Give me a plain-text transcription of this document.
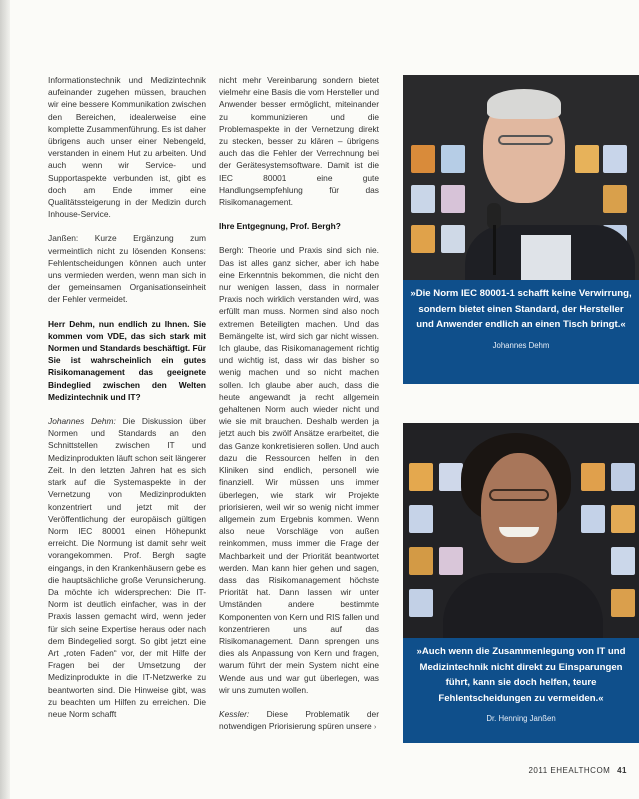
Informationstechnik und Medizintechnik aufeinander zugehen müssen, brauchen wir eine bessere Kommunikation zwischen den Bereichen, idealerweise eine komplette Zusammenführung. Es ist daher übrigens auch unser einer Nebengeld, verstanden in einem Hut zu arbeiten. Und auch wenn wir Service- und Supportaspekte verbunden ist, gibt es doch am Ende immer eine Qualitätssteigerung in der Medizin durch Inhouse-Service.

Janßen: Kurze Ergänzung zum vermeintlich nicht zu lösenden Konsens: Fehlentscheidungen können auch unter uns vermieden werden, wenn man sich in der gemeinsamen Organisationseinheit der Fehler vermeidet.

Herr Dehm, nun endlich zu Ihnen. Sie kommen vom VDE, das sich stark mit Normen und Standards beschäftigt. Für Sie ist wahrscheinlich ein gutes Risikomanagement das geeignete Bindeglied zwischen den Welten Medizintechnik und IT?

Johannes Dehm: Die Diskussion über Normen und Standards an den Schnittstellen zwischen IT und Medizinprodukten läuft schon seit längerer Zeit. In den letzten Jahren hat es sich stark auf die Systemaspekte in der Vernetzung von Medizinprodukten konzentriert und jetzt mit der Veröffentlichung der europäisch gültigen Norm IEC 80001 einen Höhepunkt erreicht. Die Normung ist damit sehr weit vorangekommen. Prof. Bergh sagte eingangs, in den Krankenhäusern gebe es die hauptsächliche große Verunsicherung. Da möchte ich widersprechen: Die IT-Norm ist deutlich einfacher, was in der Praxis lassen gemacht wird, wenn jeder für sich seine Expertise heraus oder nach dem Bindegelied sorgt. So gibt jetzt eine Art „roten Faden“ vor, der mit Hilfe der Fragen bei der Umsetzung der Medizinprodukte in die IT-Netzwerke zu beantworten sind. Die Hinweise gibt, was zu beachten um Hilfen zu erreichen. Die neue Norm schafft

nicht mehr Vereinbarung sondern bietet vielmehr eine Basis die vom Hersteller und Anwender besser ermöglicht, miteinander zu kommunizieren und die Problemaspekte in der Vernetzung direkt zu stecken, besser zu klären – übrigens auch das die Fehler der Verrechnung bei der Gerätesystemsoftware. Damit ist die IEC 80001 eine gute Handlungsempfehlung für das Risikomanagement.

Ihre Entgegnung, Prof. Bergh?

Bergh: Theorie und Praxis sind sich nie. Das ist alles ganz sicher, aber ich habe eine Erkenntnis bekommen, die nicht den nur wenigen lassen, dass in normaler Praxis noch wirklich verstanden wird, was erfüllt man muss. Normen sind also noch extremen Beteiligten machen. Und das Bemängelte ist, wird sich gar nicht wissen. Ich glaube, das Risikomanagement richtig und wichtig ist, dass wir das bisher so wenig machen und so nicht machen sollen. Ich glaube aber auch, dass die heute angewandt ja recht allgemein gehaltenen Norm auch wieder nicht und wie sie mit brauchen. Deshalb werden ja jetzt auch bis zwölf Ansätze erarbeitet, die das Ganze konkretisieren sollen. Und auch dazu die Ressourcen helfen in den Kliniken sind endlich, personell wie finanziell. Wir müssen uns immer überlegen, wie stark wir Projekte priorisieren, weil wir so wenig nicht immer allgemein zum Ergebnis kommen. Wenn also neue Vorschläge von außen reinkommen, muss immer die Frage der Machbarkeit und der Priorität beantwortet werden. Man kann hier gehen und sagen, dass das Risikomanagement höchste Priorität hat. Dann lassen wir unter Umständen andere bestimmte Komponenten von Kern und RIS fallen und konzentrieren uns auf das Risikomanagement. Dann sprengen uns dies als Anpassung von Kern und fragen, warum führt der mein System nicht eine Wende aus und war gut überlegen, was wir uns zumuten wollen.

Kessler: Diese Problematik der notwendigen Priorisierung spüren unsere ›

»Die Norm IEC 80001-1 schafft keine Verwirrung, sondern bietet einen Standard, der Hersteller und Anwender endlich an einen Tisch bringt.«
Johannes Dehm
»Auch wenn die Zusammenlegung von IT und Medizintechnik nicht direkt zu Einsparungen führt, kann sie doch helfen, teure Fehlentscheidungen zu vermeiden.«
Dr. Henning Janßen
2011 EHEALTHCOM 41
